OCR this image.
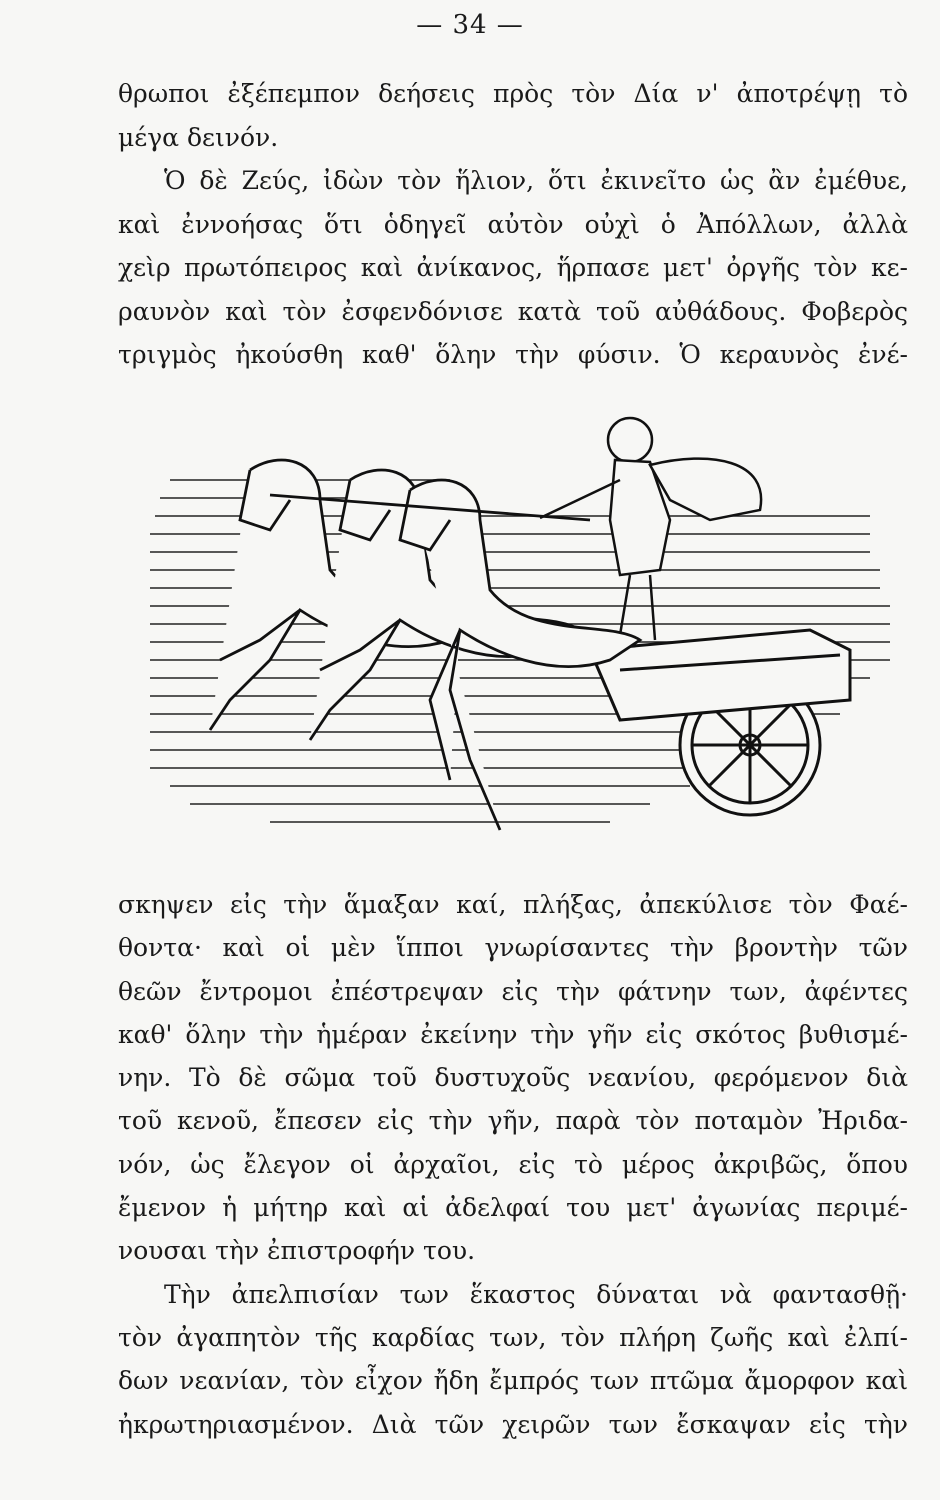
— 34 —
θρωποι ἐξέπεμπον δεήσεις πρὸς τὸν Δία ν' ἀποτρέψῃ τὸ
μέγα δεινόν.
Ὁ δὲ Ζεύς, ἰδὼν τὸν ἥλιον, ὅτι ἐκινεῖτο ὡς ἂν ἐμέθυε,
καὶ ἐννοήσας ὅτι ὁδηγεῖ αὐτὸν οὐχὶ ὁ Ἀπόλλων, ἀλλὰ
χεὶρ πρωτόπειρος καὶ ἀνίκανος, ἥρπασε μετ' ὀργῆς τὸν κε-
ραυνὸν καὶ τὸν ἐσφενδόνισε κατὰ τοῦ αὐθάδους. Φοβερὸς
τριγμὸς ἠκούσθη καθ' ὅλην τὴν φύσιν. Ὁ κεραυνὸς ἐνέ-
σκηψεν εἰς τὴν ἅμαξαν καί, πλήξας, ἀπεκύλισε τὸν Φαέ-
θοντα· καὶ οἱ μὲν ἵπποι γνωρίσαντες τὴν βροντὴν τῶν
θεῶν ἔντρομοι ἐπέστρεψαν εἰς τὴν φάτνην των, ἀφέντες
καθ' ὅλην τὴν ἡμέραν ἐκείνην τὴν γῆν εἰς σκότος βυθισμέ-
νην. Τὸ δὲ σῶμα τοῦ δυστυχοῦς νεανίου, φερόμενον διὰ
τοῦ κενοῦ, ἔπεσεν εἰς τὴν γῆν, παρὰ τὸν ποταμὸν Ἠριδα-
νόν, ὡς ἔλεγον οἱ ἀρχαῖοι, εἰς τὸ μέρος ἀκριβῶς, ὅπου
ἔμενον ἡ μήτηρ καὶ αἱ ἀδελφαί του μετ' ἀγωνίας περιμέ-
νουσαι τὴν ἐπιστροφήν του.
Τὴν ἀπελπισίαν των ἕκαστος δύναται νὰ φαντασθῇ·
τὸν ἀγαπητὸν τῆς καρδίας των, τὸν πλήρη ζωῆς καὶ ἐλπί-
δων νεανίαν, τὸν εἶχον ἤδη ἔμπρός των πτῶμα ἄμορφον καὶ
ἠκρωτηριασμένον. Διὰ τῶν χειρῶν των ἔσκαψαν εἰς τὴν
